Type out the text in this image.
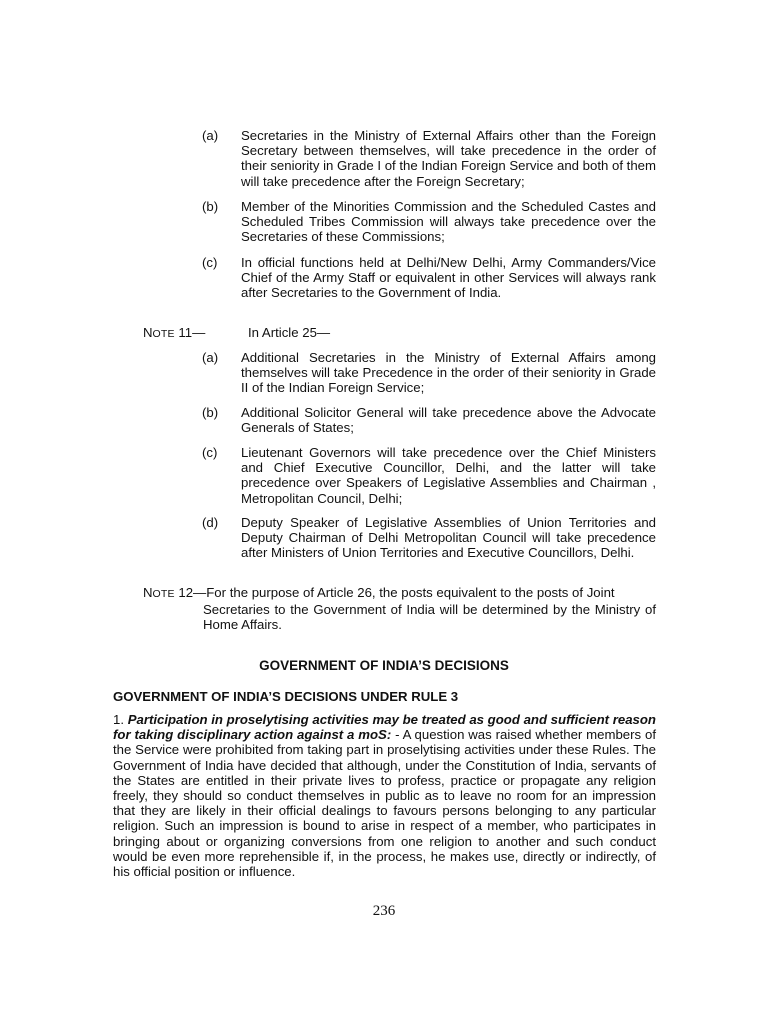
(a)	Secretaries in the Ministry of External Affairs other than the Foreign Secretary between themselves, will take precedence in the order of their seniority in Grade I of the Indian Foreign Service and both of them will take precedence after the Foreign Secretary;
(b)	Member of the Minorities Commission and the Scheduled Castes and Scheduled Tribes Commission will always take precedence over the Secretaries of these Commissions;
(c)	In official functions held at Delhi/New Delhi, Army Commanders/Vice Chief of the Army Staff or equivalent in other Services will always rank after Secretaries to the Government of India.
NOTE 11—	In Article 25—
(a)	Additional Secretaries in the Ministry of External Affairs among themselves will take Precedence in the order of their seniority in Grade II of the Indian Foreign Service;
(b)	Additional Solicitor General will take precedence above the Advocate Generals of States;
(c)	Lieutenant Governors will take precedence over the Chief Ministers and Chief Executive Councillor, Delhi, and the latter will take precedence over Speakers of Legislative Assemblies and Chairman , Metropolitan Council, Delhi;
(d)	Deputy Speaker of Legislative Assemblies of Union Territories and Deputy Chairman of Delhi Metropolitan Council will take precedence after Ministers of Union Territories and Executive Councillors, Delhi.
NOTE 12—For the purpose of Article 26, the posts equivalent to the posts of Joint
Secretaries to the Government of India will be determined by the Ministry of Home Affairs.
GOVERNMENT OF INDIA’S DECISIONS
GOVERNMENT OF INDIA’S DECISIONS UNDER RULE 3
1. Participation in proselytising activities may be treated as good and sufficient reason for taking disciplinary action against a moS: - A question was raised whether members of the Service were prohibited from taking part in proselytising activities under these Rules. The Government of India have decided that although, under the Constitution of India, servants of the States are entitled in their private lives to profess, practice or propagate any religion freely, they should so conduct themselves in public as to leave no room for an impression that they are likely in their official dealings to favours persons belonging to any particular religion. Such an impression is bound to arise in respect of a member, who participates in bringing about or organizing conversions from one religion to another and such conduct would be even more reprehensible if, in the process, he makes use, directly or indirectly, of his official position or influence.
236
